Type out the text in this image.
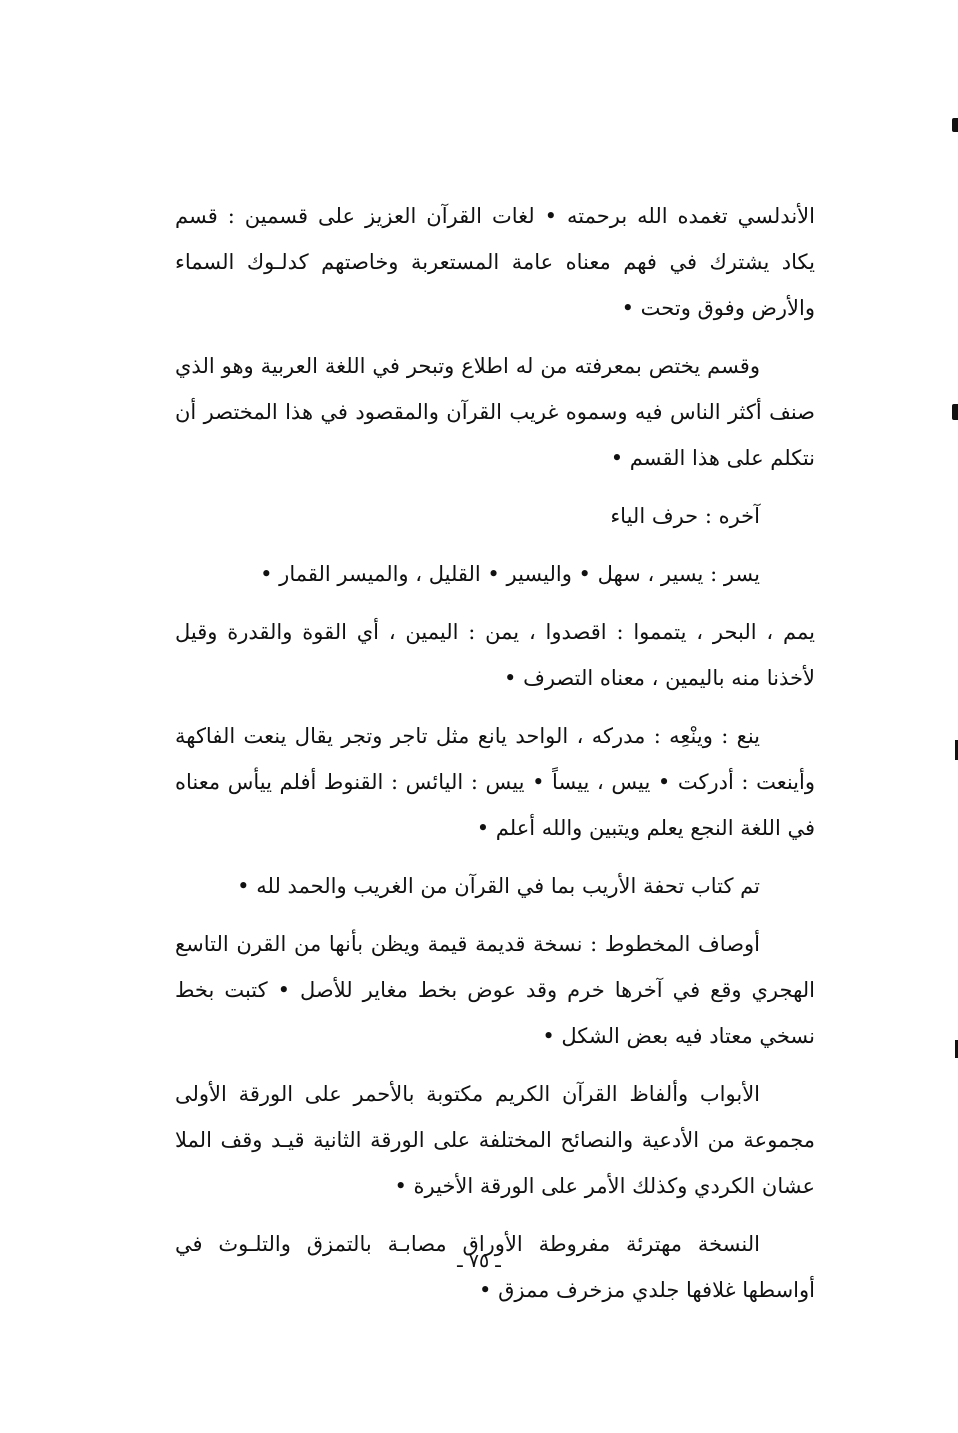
الأندلسي تغمده الله برحمته • لغات القرآن العزيز على قسمين : قسم يكاد يشترك في فهم معناه عامة المستعربة وخاصتهم كدلـوك السماء والأرض وفوق وتحت •

وقسم يختص بمعرفته من له اطلاع وتبحر في اللغة العربية وهو الذي صنف أكثر الناس فيه وسموه غريب القرآن والمقصود في هذا المختصر أن نتكلم على هذا القسم •

آخره : حرف الياء

يسر : يسير ، سهل • واليسير • القليل ، والميسر القمار •

يمم ، البحر ، يتمموا : اقصدوا ، يمن : اليمين ، أي القوة والقدرة وقيل لأخذنا منه باليمين ، معناه التصرف •

ينع : وينْعِه : مدركه ، الواحد يانع مثل تاجر وتجر يقال ينعت الفاكهة وأينعت : أدركت • ييس ، ييساً • ييس : اليائس : القنوط أفلم ييأس معناه في اللغة النجع يعلم ويتبين والله أعلم •

تم كتاب تحفة الأريب بما في القرآن من الغريب والحمد لله •

أوصاف المخطوط : نسخة قديمة قيمة ويظن بأنها من القرن التاسع الهجري وقع في آخرها خرم وقد عوض بخط مغاير للأصل • كتبت بخط نسخي معتاد فيه بعض الشكل •

الأبواب وألفاظ القرآن الكريم مكتوبة بالأحمر على الورقة الأولى مجموعة من الأدعية والنصائح المختلفة على الورقة الثانية قيـد وقف الملا عشان الكردي وكذلك الأمر على الورقة الأخيرة •

النسخة مهترئة مفروطة الأوراق مصابـة بالتمزق والتلـوث في أواسطها غلافها جلدي مزخرف ممزق •

ـ ٧٥ ـ
